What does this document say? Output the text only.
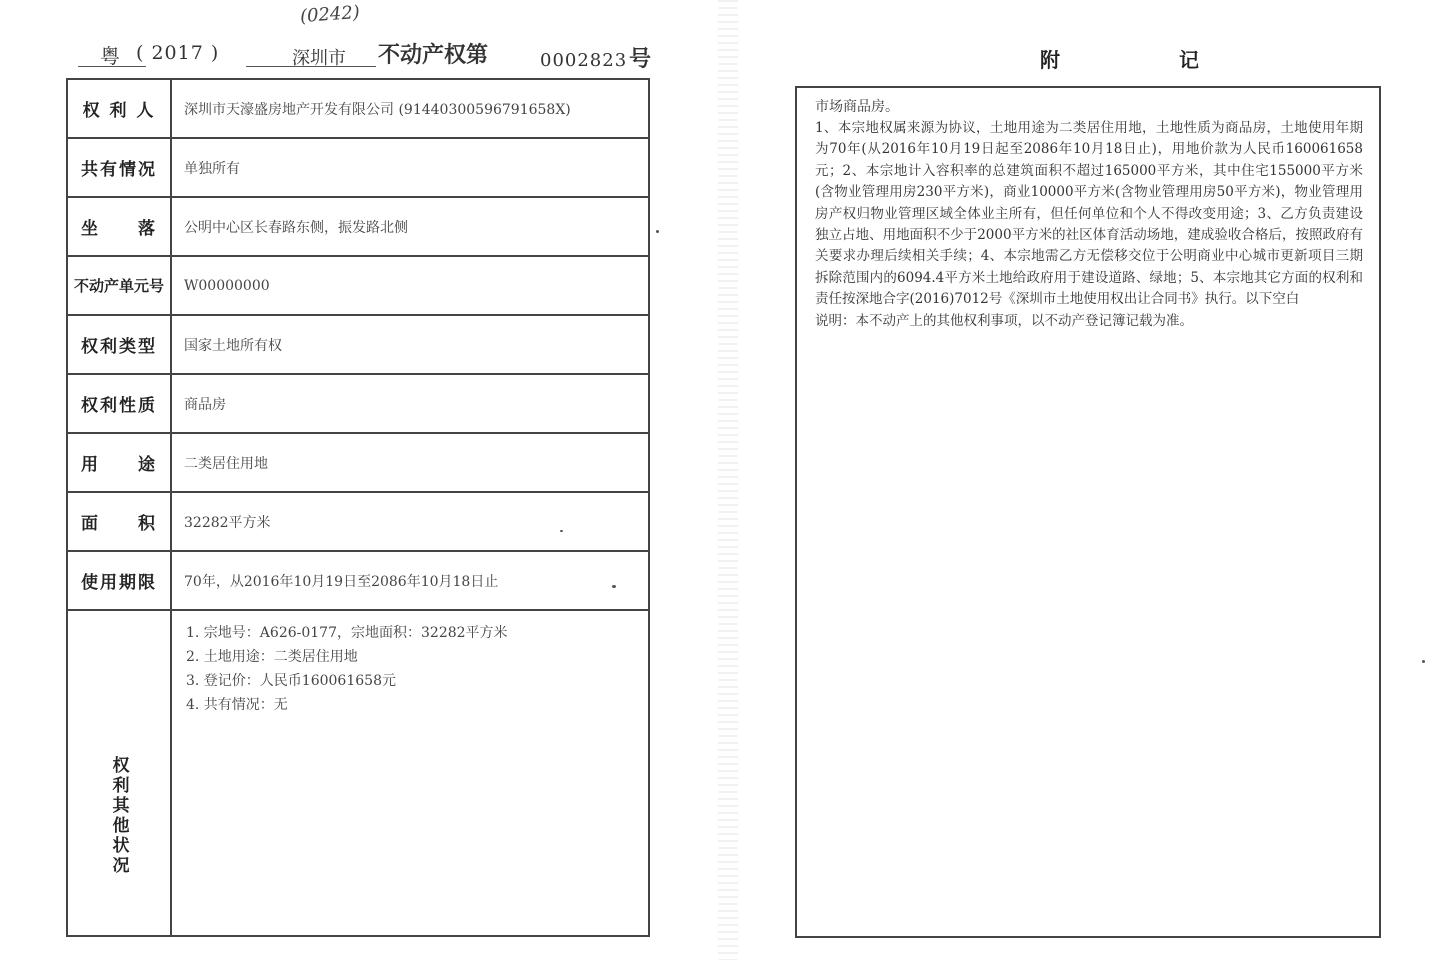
(0242)
粤 ( 2017 )	深圳市 不动产权第	0002823 号
权 利 人	深圳市天濠盛房地产开发有限公司 (91440300596791658X)
共有情况	单独所有
坐　　落	公明中心区长春路东侧，振发路北侧
不动产单元号	W00000000
权利类型	国家土地所有权
权利性质	商品房
用　　途	二类居住用地
面　　积	32282平方米
使用期限	70年，从2016年10月19日至2086年10月18日止
权利其他状况	1. 宗地号：A626-0177，宗地面积：32282平方米
2. 土地用途：二类居住用地
3. 登记价：人民币160061658元
4. 共有情况：无
附 记
市场商品房。
1、本宗地权属来源为协议，土地用途为二类居住用地，土地性质为商品房，土地使用年期为70年(从2016年10月19日起至2086年10月18日止)，用地价款为人民币160061658元；2、本宗地计入容积率的总建筑面积不超过165000平方米，其中住宅155000平方米(含物业管理用房230平方米)，商业10000平方米(含物业管理用房50平方米)，物业管理用房产权归物业管理区域全体业主所有，但任何单位和个人不得改变用途；3、乙方负责建设独立占地、用地面积不少于2000平方米的社区体育活动场地，建成验收合格后，按照政府有关要求办理后续相关手续；4、本宗地需乙方无偿移交位于公明商业中心城市更新项目三期拆除范围内的6094.4平方米土地给政府用于建设道路、绿地；5、本宗地其它方面的权利和责任按深地合字(2016)7012号《深圳市土地使用权出让合同书》执行。以下空白
说明：本不动产上的其他权利事项，以不动产登记簿记载为准。
